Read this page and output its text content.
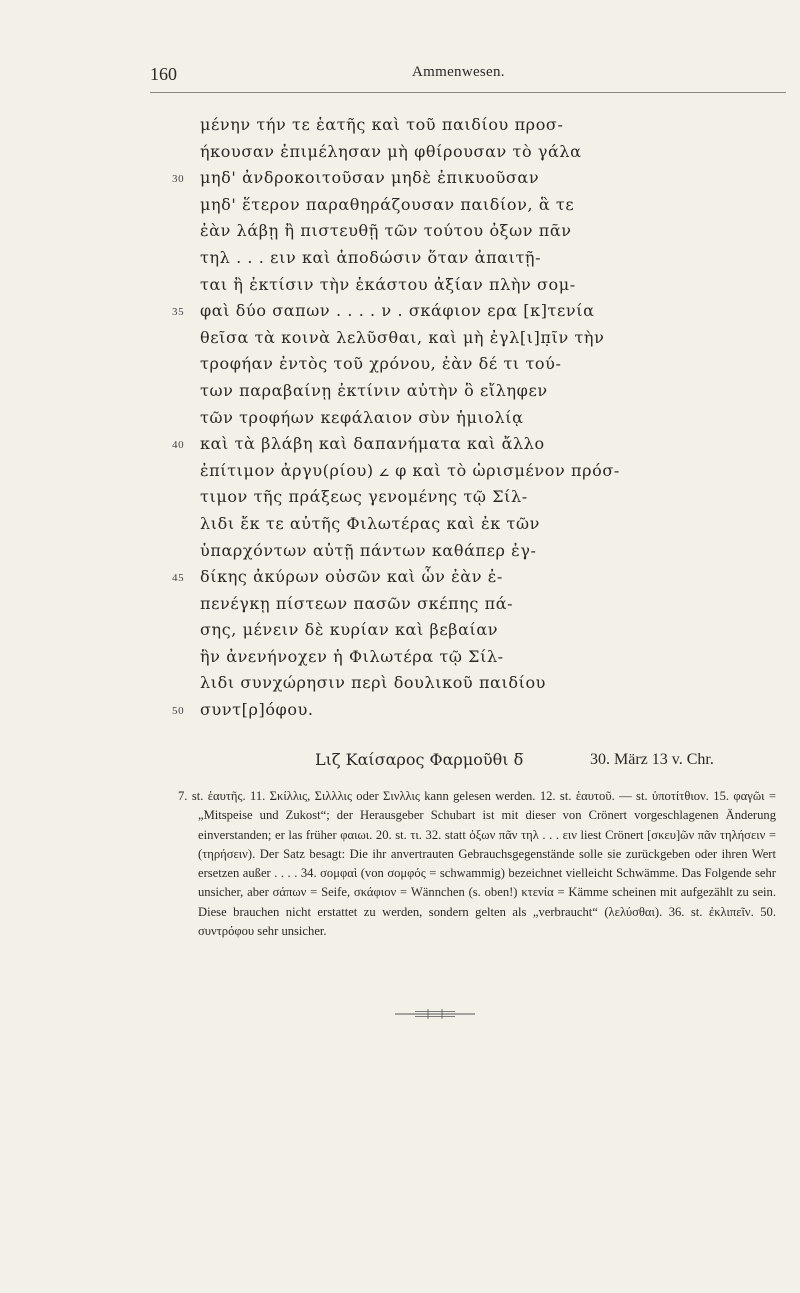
160	Ammenwesen.
μένην τήν τε ἑατῆς καὶ τοῦ παιδίου προσ-
ήκουσαν ἐπιμέλησαν μὴ φθίρουσαν τὸ γάλα
30 μηδ' ἀνδροκοιτοῦσαν μηδὲ ἐπικυοῦσαν
μηδ' ἕτερον παραθηράζουσαν παιδίον, ἃ τε
ἐὰν λάβῃ ἢ πιστευθῇ τῶν τούτου ὀξων πᾶν
τηλ . . . ειν καὶ ἀποδώσιν ὅταν ἀπαιτῇ-
ται ἢ ἐκτίσιν τὴν ἑκάστου ἀξίαν πλὴν σομ-
35 φαὶ δύο σαπων . . . . ν . σκάφιον ερα [κ]τενία
θεῖσα τὰ κοινὰ λελῦσθαι, καὶ μὴ ἐγλ[ι]π̣ῖν τὴν
τροφήαν ἐντὸς τοῦ χρόνου, ἐὰν δέ τι τού-
των παραβαίνῃ ἐκτίνιν αὐτὴν ὃ εἴληφεν
τῶν τροφήων κεφάλαιον σὺν ἡμιολίᾳ
40 καὶ τὰ βλάβη καὶ δαπανήματα καὶ ἄλλο
ἐπίτιμον ἀργυ(ρίου) 𐅵 φ καὶ τὸ ὡρισμένον πρόσ-
τιμον τῆς πράξεως γενομένης τῷ Σίλ-
λιδι ἔκ τε αὐτῆς Φιλωτέρας καὶ ἐκ τῶν
ὑπαρχόντων αὐτῇ πάντων καθάπερ ἐγ-
45 δίκης ἀκύρων οὐσῶν καὶ ὧν ἐὰν ἐ-
πενέγκῃ πίστεων πασῶν σκέπης πά-
σης, μένειν δὲ κυρίαν καὶ βεβαίαν
ἣν ἀνενήνοχεν ἡ Φιλωτέρα τῷ Σίλ-
λιδι συνχώρησιν περὶ δουλικοῦ παιδίου
50 συντ[ρ]όφου.
Lιζ Καίσαρος Φαρμοῦθι δ̅	30. März 13 v. Chr.

7. st. ἑαυτῆς. 11. Σκίλλις, Σιλλλις oder Σινλλις kann gelesen werden. 12. st. ἑαυτοῦ. — st. ὑποτίτθιον. 15. φαγῶι = „Mitspeise und Zukost“; der Herausgeber Schubart ist mit dieser von Crönert vorgeschlagenen Änderung einverstanden; er las früher φαιωι. 20. st. τι. 32. statt ὀξων πᾶν τηλ . . . ειν liest Crönert [σκευ]ῶν πᾶν τηλήσειν = (τηρήσειν). Der Satz besagt: Die ihr anvertrauten Gebrauchsgegenstände solle sie zurückgeben oder ihren Wert ersetzen außer . . . . 34. σομφαὶ (von σομφός = schwammig) bezeichnet vielleicht Schwämme. Das Folgende sehr unsicher, aber σάπων = Seife, σκάφιον = Wännchen (s. oben!) κτενία = Kämme scheinen mit aufgezählt zu sein. Diese brauchen nicht erstattet zu werden, sondern gelten als „verbraucht“ (λελύσθαι). 36. st. ἐκλιπεῖν. 50. συντρόφου sehr unsicher.
